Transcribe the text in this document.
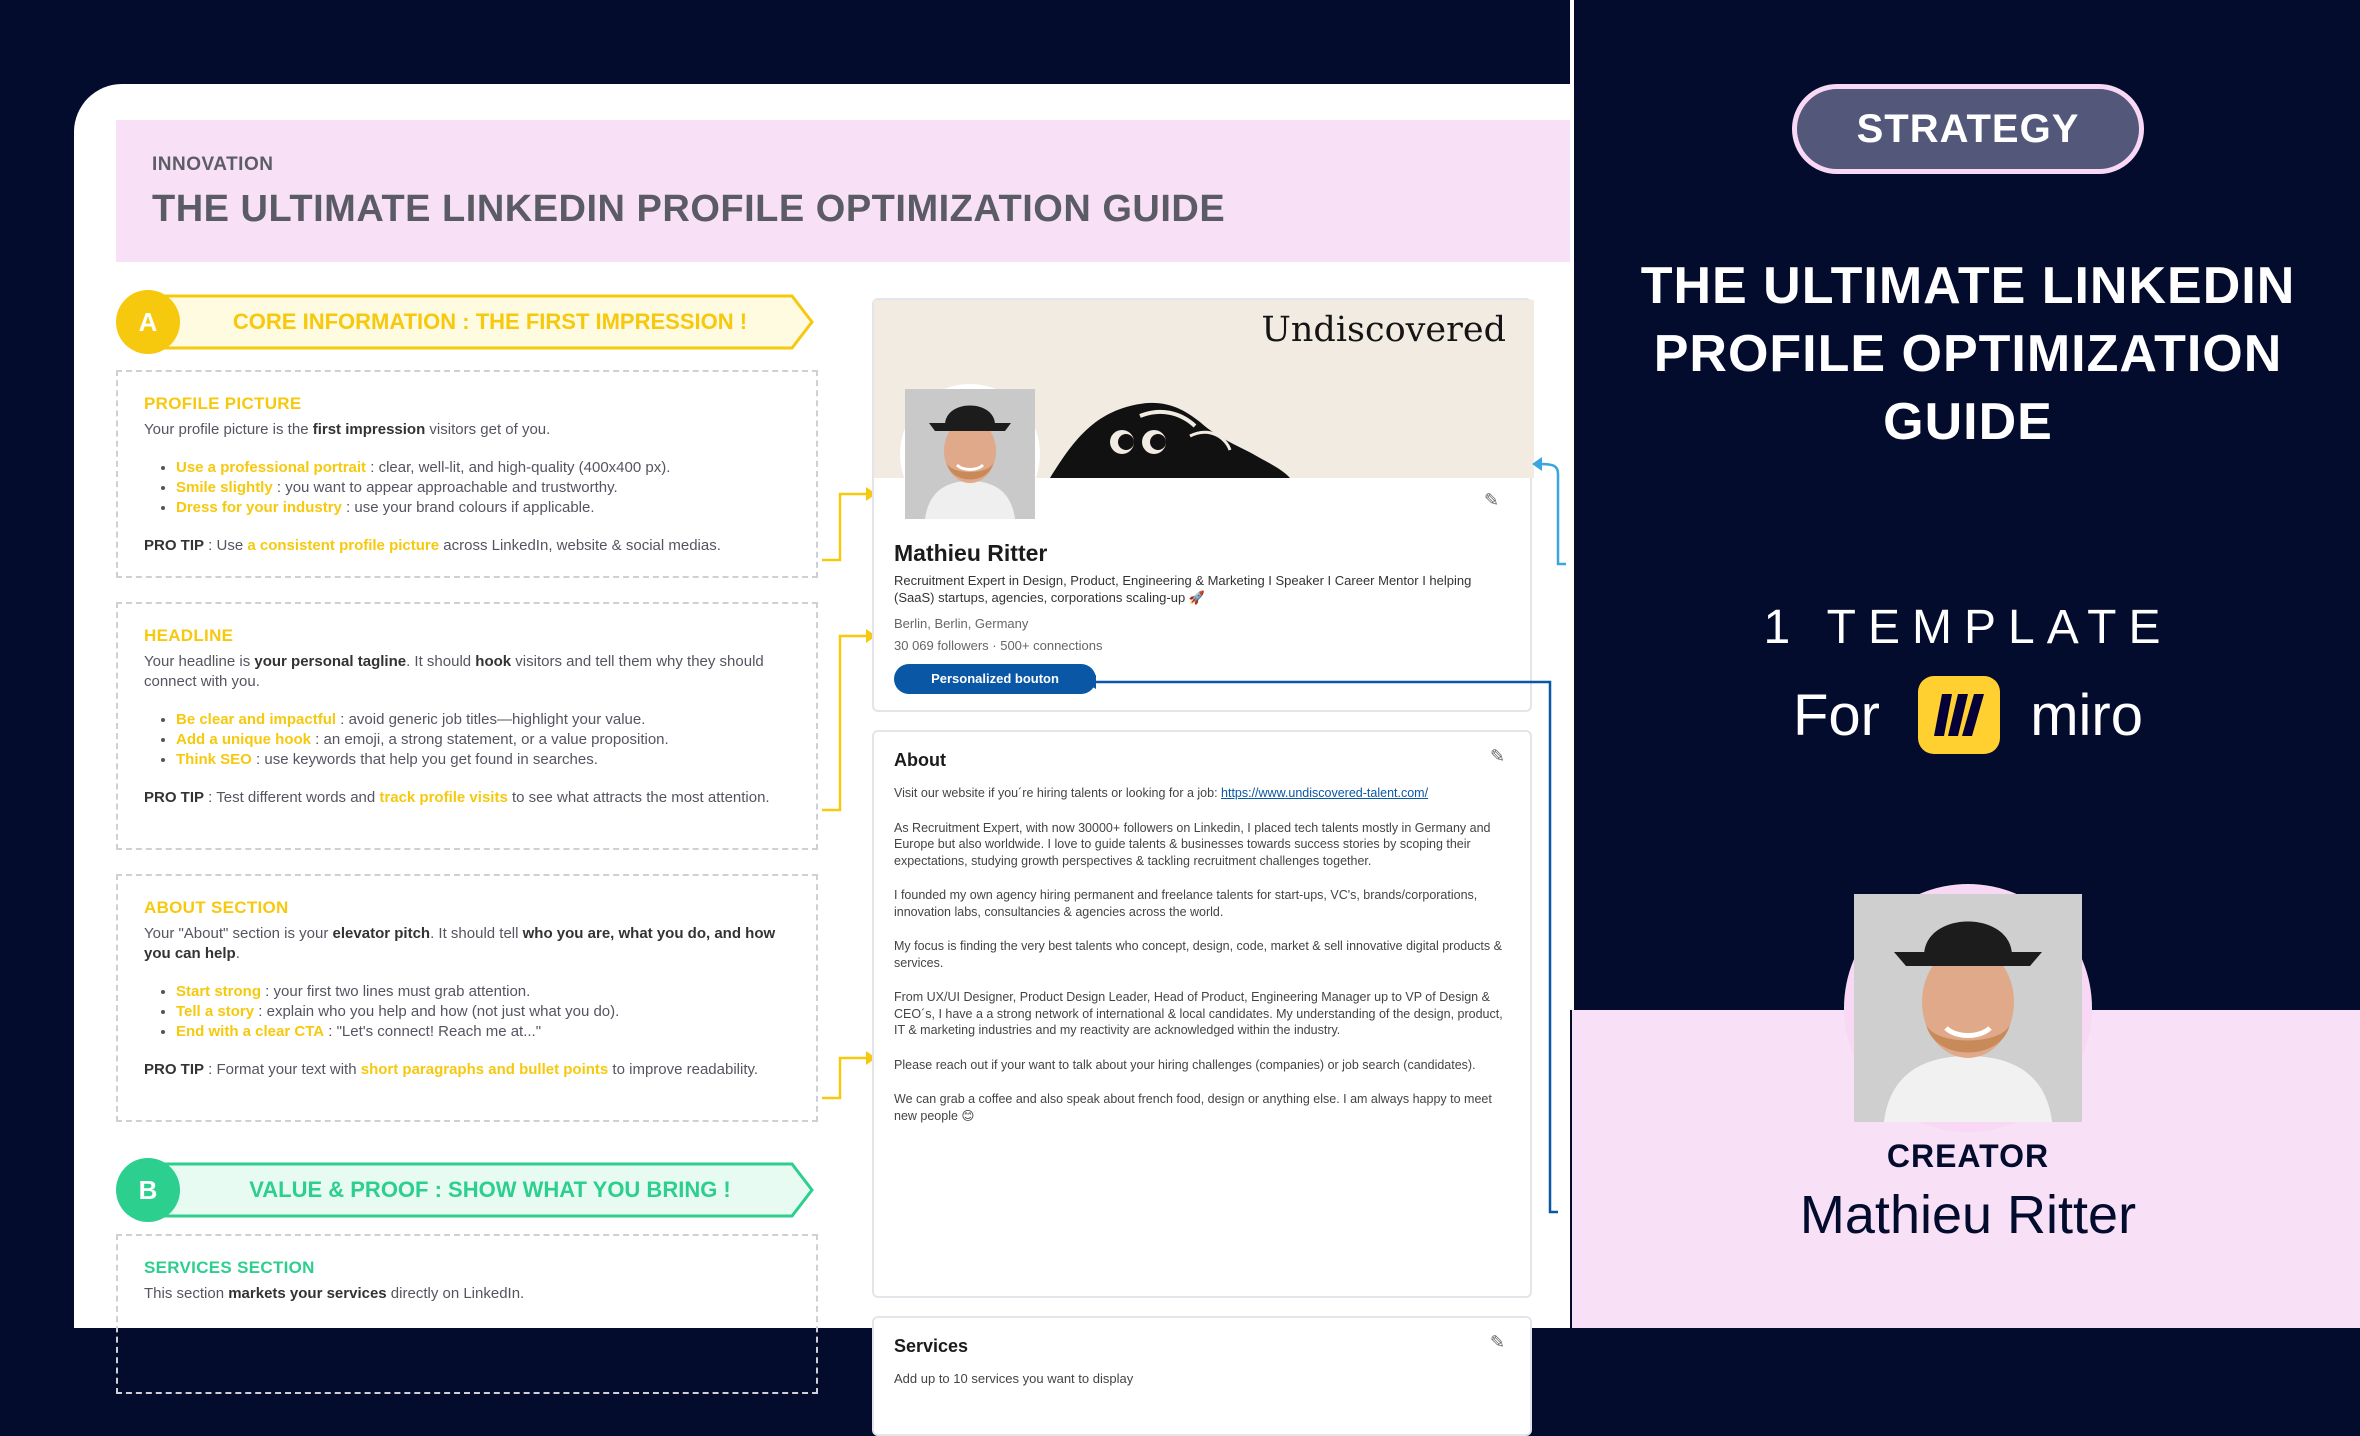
INNOVATION
THE ULTIMATE LINKEDIN PROFILE OPTIMIZATION GUIDE
A	CORE INFORMATION : THE FIRST IMPRESSION !
PROFILE PICTURE

Your profile picture is the first impression visitors get of you.

• Use a professional portrait : clear, well-lit, and high-quality (400x400 px).
• Smile slightly : you want to appear approachable and trustworthy.
• Dress for your industry : use your brand colours if applicable.

PRO TIP : Use a consistent profile picture across LinkedIn, website & social medias.

HEADLINE

Your headline is your personal tagline. It should hook visitors and tell them why they should connect with you.

• Be clear and impactful : avoid generic job titles—highlight your value.
• Add a unique hook : an emoji, a strong statement, or a value proposition.
• Think SEO : use keywords that help you get found in searches.

PRO TIP : Test different words and track profile visits to see what attracts the most attention.

ABOUT SECTION

Your "About" section is your elevator pitch. It should tell who you are, what you do, and how you can help.

• Start strong : your first two lines must grab attention.
• Tell a story : explain who you help and how (not just what you do).
• End with a clear CTA : "Let's connect! Reach me at..."

PRO TIP : Format your text with short paragraphs and bullet points to improve readability.

B	VALUE & PROOF : SHOW WHAT YOU BRING !
SERVICES SECTION

This section markets your services directly on LinkedIn.

Undiscovered
✎
Mathieu Ritter
Recruitment Expert in Design, Product, Engineering & Marketing I Speaker I Career Mentor I helping (SaaS) startups, agencies, corporations scaling-up 🚀
Berlin, Berlin, Germany
30 069 followers · 500+ connections
Personalized bouton
✎
About

Visit our website if you´re hiring talents or looking for a job: https://www.undiscovered-talent.com/

As Recruitment Expert, with now 30000+ followers on Linkedin, I placed tech talents mostly in Germany and Europe but also worldwide. I love to guide talents & businesses towards success stories by scoping their expectations, studying growth perspectives & tackling recruitment challenges together.

I founded my own agency hiring permanent and freelance talents for start-ups, VC's, brands/corporations, innovation labs, consultancies & agencies across the world.

My focus is finding the very best talents who concept, design, code, market & sell innovative digital products & services.

From UX/UI Designer, Product Design Leader, Head of Product, Engineering Manager up to VP of Design & CEO´s, I have a a strong network of international & local candidates. My understanding of the design, product, IT & marketing industries and my reactivity are acknowledged within the industry.

Please reach out if your want to talk about your hiring challenges (companies) or job search (candidates).

We can grab a coffee and also speak about french food, design or anything else. I am always happy to meet new people 😊

✎
Services

Add up to 10 services you want to display

STRATEGY
THE ULTIMATE LINKEDIN
PROFILE OPTIMIZATION
GUIDE
1 TEMPLATE
For	miro
CREATOR
Mathieu Ritter
